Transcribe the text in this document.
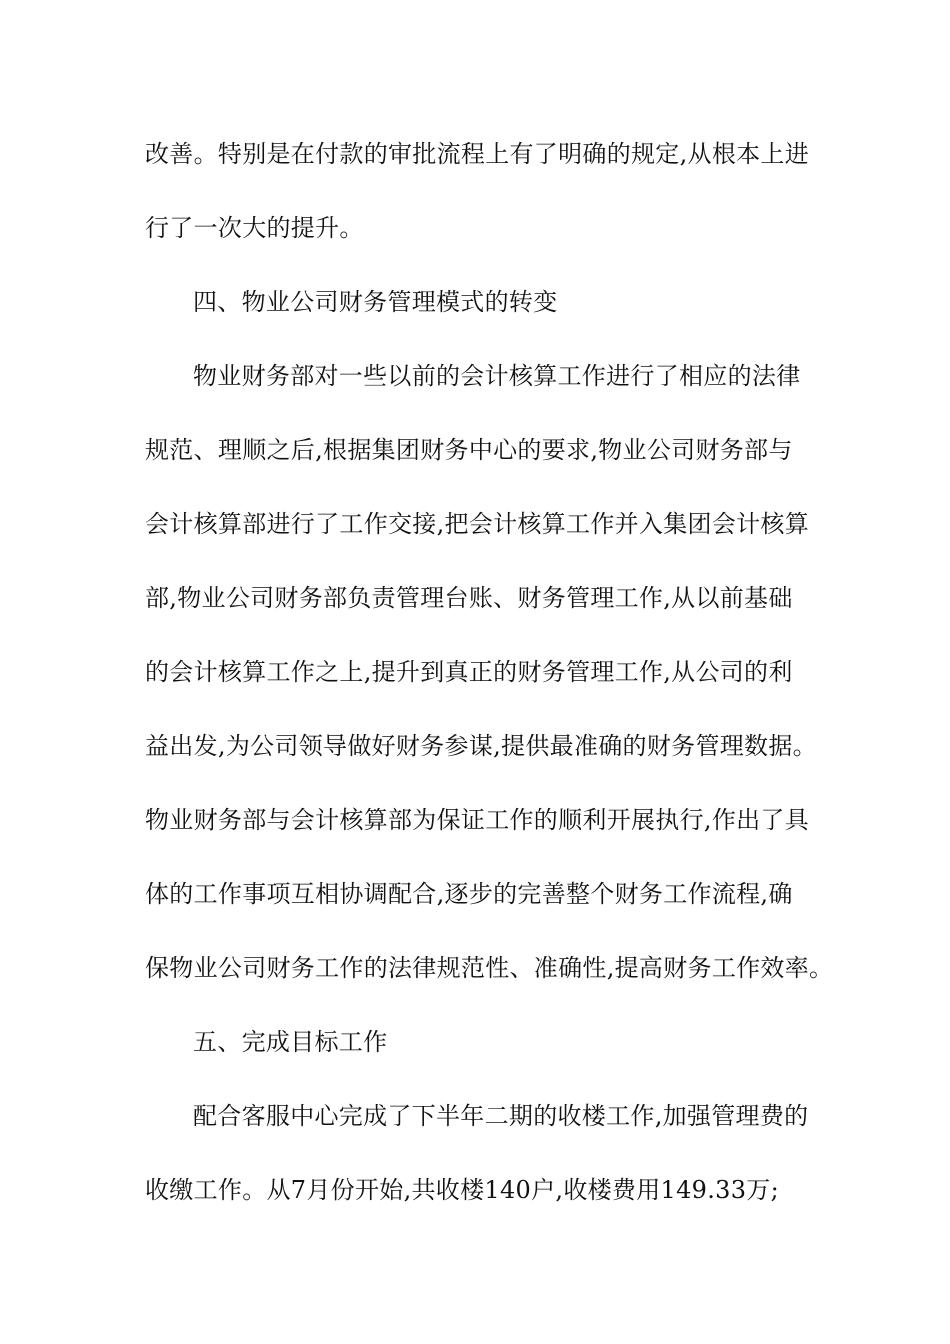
改善。特别是在付款的审批流程上有了明确的规定,从根本上进
行了一次大的提升。
四、物业公司财务管理模式的转变
物业财务部对一些以前的会计核算工作进行了相应的法律
规范、理顺之后,根据集团财务中心的要求,物业公司财务部与
会计核算部进行了工作交接,把会计核算工作并入集团会计核算
部,物业公司财务部负责管理台账、财务管理工作,从以前基础
的会计核算工作之上,提升到真正的财务管理工作,从公司的利
益出发,为公司领导做好财务参谋,提供最准确的财务管理数据。
物业财务部与会计核算部为保证工作的顺利开展执行,作出了具
体的工作事项互相协调配合,逐步的完善整个财务工作流程,确
保物业公司财务工作的法律规范性、准确性,提高财务工作效率。
五、完成目标工作
配合客服中心完成了下半年二期的收楼工作,加强管理费的
收缴工作。从7月份开始,共收楼140户,收楼费用149.33万;
